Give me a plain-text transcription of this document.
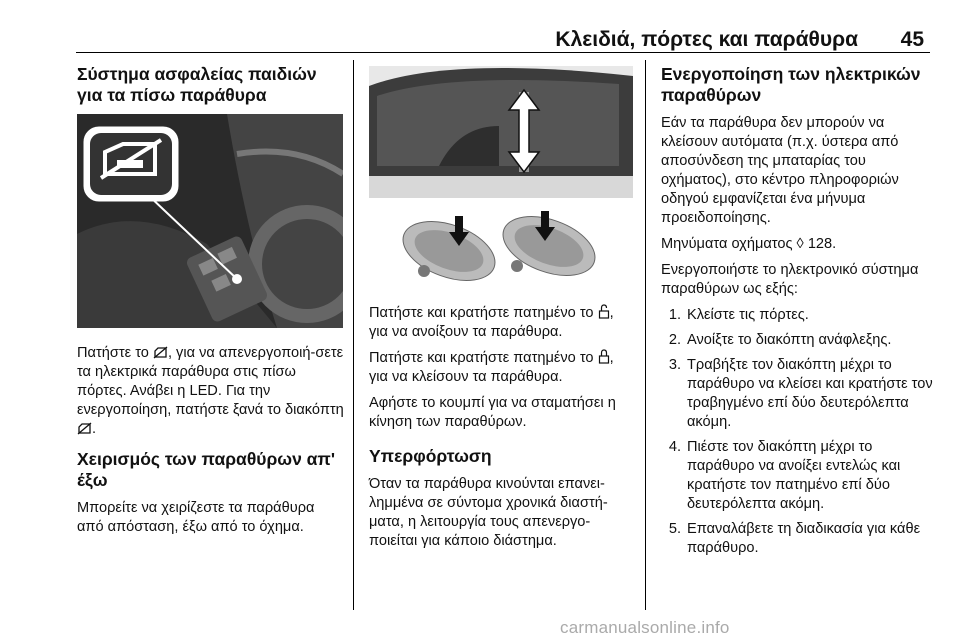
Κλειδιά, πόρτες και παράθυρα 45
Σύστημα ασφαλείας παιδιών για τα πίσω παράθυρα

Πατήστε το , για να απενεργοποιή-σετε τα ηλεκτρικά παράθυρα στις πίσω πόρτες. Ανάβει η LED. Για την ενεργοποίηση, πατήστε ξανά το διακόπτη .

Χειρισμός των παραθύρων απ' έξω

Μπορείτε να χειρίζεστε τα παράθυρα από απόσταση, έξω από το όχημα.

Πατήστε και κρατήστε πατημένο το , για να ανοίξουν τα παράθυρα.

Πατήστε και κρατήστε πατημένο το , για να κλείσουν τα παράθυρα.

Αφήστε το κουμπί για να σταματήσει η κίνηση των παραθύρων.

Υπερφόρτωση

Όταν τα παράθυρα κινούνται επανει-λημμένα σε σύντομα χρονικά διαστή-ματα, η λειτουργία τους απενεργο-ποιείται για κάποιο διάστημα.

Ενεργοποίηση των ηλεκτρικών παραθύρων

Εάν τα παράθυρα δεν μπορούν να κλείσουν αυτόματα (π.χ. ύστερα από αποσύνδεση της μπαταρίας του οχήματος), στο κέντρο πληροφοριών οδηγού εμφανίζεται ένα μήνυμα προειδοποίησης.

Μηνύματα οχήματος ◊ 128.

Ενεργοποιήστε το ηλεκτρονικό σύστημα παραθύρων ως εξής:

1. Κλείστε τις πόρτες.
2. Ανοίξτε το διακόπτη ανάφλεξης.
3. Τραβήξτε τον διακόπτη μέχρι το παράθυρο να κλείσει και κρατήστε τον τραβηγμένο επί δύο δευτερόλεπτα ακόμη.
4. Πιέστε τον διακόπτη μέχρι το παράθυρο να ανοίξει εντελώς και κρατήστε τον πατημένο επί δύο δευτερόλεπτα ακόμη.
5. Επαναλάβετε τη διαδικασία για κάθε παράθυρο.
carmanualsonline.info
